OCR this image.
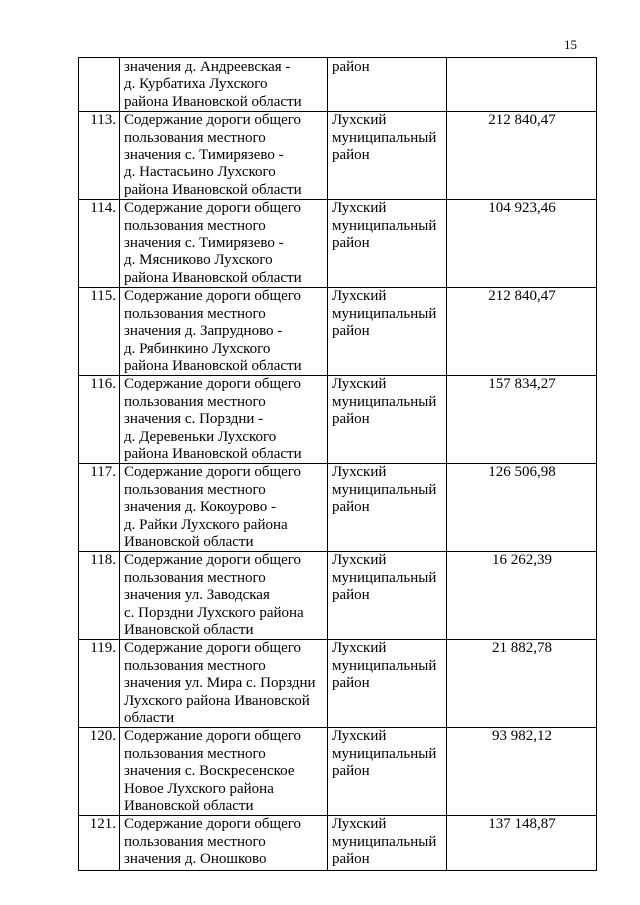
15

	значения д. Андреевская -
д. Курбатиха Лухского
района Ивановской области	район	

113.	Содержание дороги общего
пользования местного
значения с. Тимирязево -
д. Настасьино Лухского
района Ивановской области	Лухский
муниципальный
район	212 840,47
114.	Содержание дороги общего
пользования местного
значения с. Тимирязево -
д. Мясниково Лухского
района Ивановской области	Лухский
муниципальный
район	104 923,46
115.	Содержание дороги общего
пользования местного
значения д. Запрудново -
д. Рябинкино Лухского
района Ивановской области	Лухский
муниципальный
район	212 840,47
116.	Содержание дороги общего
пользования местного
значения с. Порздни -
д. Деревеньки Лухского
района Ивановской области	Лухский
муниципальный
район	157 834,27
117.	Содержание дороги общего
пользования местного
значения д. Кокоурово -
д. Райки Лухского района
Ивановской области	Лухский
муниципальный
район	126 506,98
118.	Содержание дороги общего
пользования местного
значения ул. Заводская
с. Порздни Лухского района
Ивановской области	Лухский
муниципальный
район	16 262,39
119.	Содержание дороги общего
пользования местного
значения ул. Мира с. Порздни
Лухского района Ивановской
области	Лухский
муниципальный
район	21 882,78
120.	Содержание дороги общего
пользования местного
значения с. Воскресенское
Новое Лухского района
Ивановской области	Лухский
муниципальный
район	93 982,12
121.	Содержание дороги общего
пользования местного
значения д. Оношково	Лухский
муниципальный
район	137 148,87
